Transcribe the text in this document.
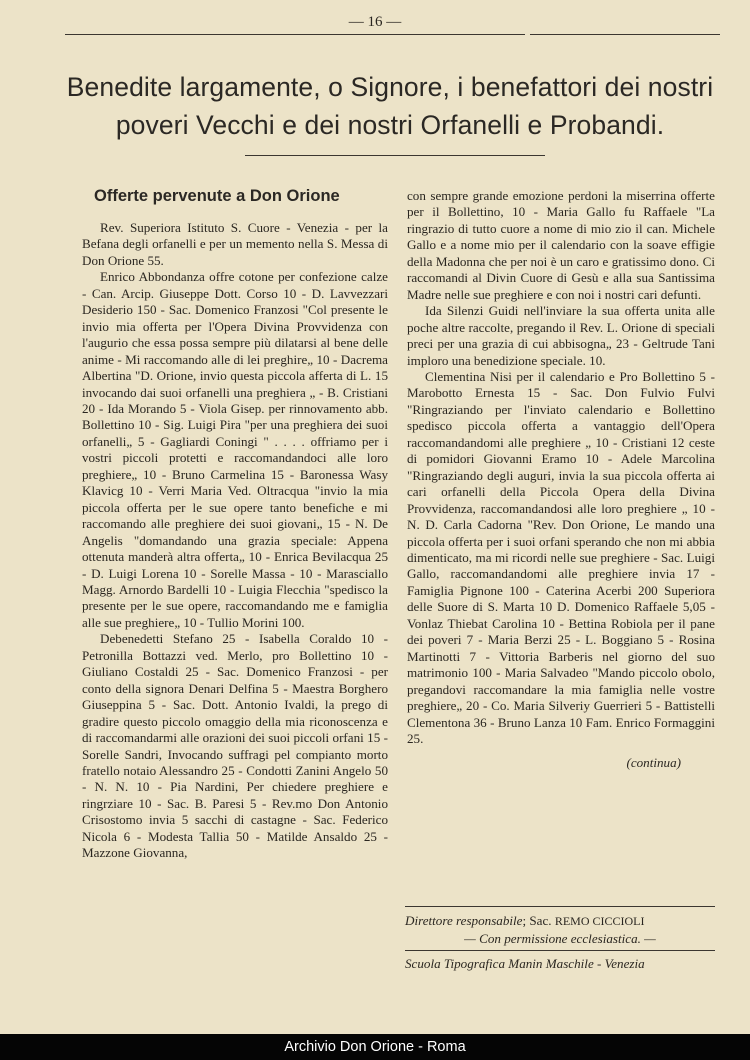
— 16 —
Benedite largamente, o Signore, i benefattori dei nostri poveri Vecchi e dei nostri Orfanelli e Probandi.
Offerte pervenute a Don Orione

Rev. Superiora Istituto S. Cuore - Venezia - per la Befana degli orfanelli e per un memento nella S. Messa di Don Orione 55.

Enrico Abbondanza offre cotone per confezione calze - Can. Arcip. Giuseppe Dott. Corso 10 - D. Lavvezzari Desiderio 150 - Sac. Domenico Franzosi "Col presente le invio mia offerta per l'Opera Divina Provvidenza con l'augurio che essa possa sempre più dilatarsi al bene delle anime - Mi raccomando alle di lei preghire„ 10 - Dacrema Albertina "D. Orione, invio questa piccola afferta di L. 15 invocando dai suoi orfanelli una preghiera „ - B. Cristiani 20 - Ida Morando 5 - Viola Gisep. per rinnovamento abb. Bollettino 10 - Sig. Luigi Pira "per una preghiera dei suoi orfanelli„ 5 - Gagliardi Coningi " . . . . offriamo per i vostri piccoli protetti e raccomandandoci alle loro preghiere„ 10 - Bruno Carmelina 15 - Baronessa Wasy Klavicg 10 - Verri Maria Ved. Oltracqua "invio la mia piccola offerta per le sue opere tanto benefiche e mi raccomando alle preghiere dei suoi giovani„ 15 - N. De Angelis "domandando una grazia speciale: Appena ottenuta manderà altra offerta„ 10 - Enrica Bevilacqua 25 - D. Luigi Lorena 10 - Sorelle Massa - 10 - Marasciallo Magg. Arnordo Bardelli 10 - Luigia Flecchia "spedisco la presente per le sue opere, raccomandando me e famiglia alle sue preghiere„ 10 - Tullio Morini 100.

Debenedetti Stefano 25 - Isabella Coraldo 10 - Petronilla Bottazzi ved. Merlo, pro Bollettino 10 - Giuliano Costaldi 25 - Sac. Domenico Franzosi - per conto della signora Denari Delfina 5 - Maestra Borghero Giuseppina 5 - Sac. Dott. Antonio Ivaldi, la prego di gradire questo piccolo omaggio della mia riconoscenza e di raccomandarmi alle orazioni dei suoi piccoli orfani 15 - Sorelle Sandri, Invocando suffragi pel compianto morto fratello notaio Alessandro 25 - Condotti Zanini Angelo 50 - N. N. 10 - Pia Nardini, Per chiedere preghiere e ringrziare 10 - Sac. B. Paresi 5 - Rev.mo Don Antonio Crisostomo invia 5 sacchi di castagne - Sac. Federico Nicola 6 - Modesta Tallia 50 - Matilde Ansaldo 25 - Mazzone Giovanna,

con sempre grande emozione perdoni la miserrina offerte per il Bollettino, 10 - Maria Gallo fu Raffaele "La ringrazio di tutto cuore a nome di mio zio il can. Michele Gallo e a nome mio per il calendario con la soave effigie della Madonna che per noi è un caro e gratissimo dono. Ci raccomandi al Divin Cuore di Gesù e alla sua Santissima Madre nelle sue preghiere e con noi i nostri cari defunti.

Ida Silenzi Guidi nell'inviare la sua offerta unita alle poche altre raccolte, pregando il Rev. L. Orione di speciali preci per una grazia di cui abbisogna„ 23 - Geltrude Tani imploro una benedizione speciale. 10.

Clementina Nisi per il calendario e Pro Bollettino 5 - Marobotto Ernesta 15 - Sac. Don Fulvio Fulvi "Ringraziando per l'inviato calendario e Bollettino spedisco piccola offerta a vantaggio dell'Opera raccomandandomi alle preghiere „ 10 - Cristiani 12 ceste di pomidori Giovanni Eramo 10 - Adele Marcolina "Ringraziando degli auguri, invia la sua piccola offerta ai cari orfanelli della Piccola Opera della Divina Provvidenza, raccomandandosi alle loro preghiere „ 10 - N. D. Carla Cadorna "Rev. Don Orione, Le mando una piccola offerta per i suoi orfani sperando che non mi abbia dimenticato, ma mi ricordi nelle sue preghiere - Sac. Luigi Gallo, raccomandandomi alle preghiere invia 17 - Famiglia Pignone 100 - Caterina Acerbi 200 Superiora delle Suore di S. Marta 10 D. Domenico Raffaele 5,05 - Vonlaz Thiebat Carolina 10 - Bettina Robiola per il pane dei poveri 7 - Maria Berzi 25 - L. Boggiano 5 - Rosina Martinotti 7 - Vittoria Barberis nel giorno del suo matrimonio 100 - Maria Salvadeo "Mando piccolo obolo, pregandovi raccomandare la mia famiglia nelle vostre preghiere„ 20 - Co. Maria Silveriy Guerrieri 5 - Battistelli Clementona 36 - Bruno Lanza 10 Fam. Enrico Formaggini 25.

(continua)
Direttore responsabile; Sac. REMO CICCIOLI
— Con permissione ecclesiastica. —
Scuola Tipografica Manin Maschile - Venezia
Archivio Don Orione - Roma
